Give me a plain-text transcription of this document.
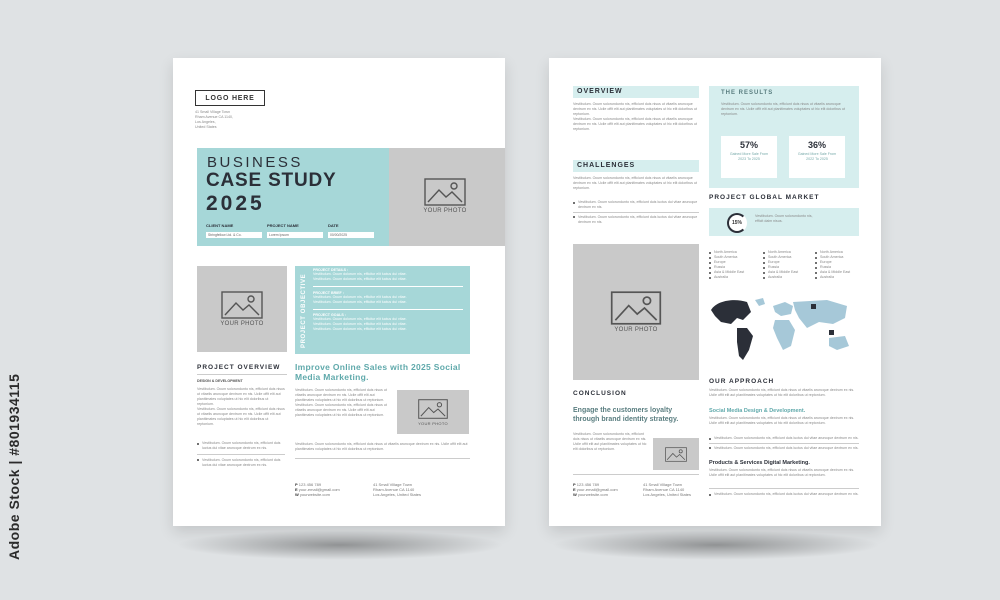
Adobe Stock | #801934115
LOGO HERE
41 Small Village Town
Rham Avenue CA 1140,
Los Angeles,
United States
YOUR PHOTO
BUSINESS
CASE STUDY
2025
CLIENT NAME	PROJECT NAME	DATE
Stringfellow Ltd. & Co.	Lorem Ipsum	00/00/2025
YOUR PHOTO	PROJECT OBJECTIVE
PROJECT DETAILS :
Vestibulum. Ocum dolorum nis, efficitur elit luctus dui vitae.
Vestibulum. Ocum dolorum nis, efficitur elit luctus dui vitae.
PROJECT BRIEF :
Vestibulum. Ocum dolorum nis, efficitur elit luctus dui vitae.
Vestibulum. Ocum dolorum nis, efficitur elit luctus dui vitae.
PROJECT GOALS :
Vestibulum. Ocum dolorum nis, efficitur elit luctus dui vitae.
Vestibulum. Ocum dolorum nis, efficitur elit luctus dui vitae.
Vestibulum. Ocum dolorum nis, efficitur elit luctus dui vitae.
PROJECT OVERVIEW
DESIGN & DEVELOPMENT
Vestibulum. Ocum solorundunto nis, efficiunt duis nisus ut vitaelis aruncque dextrum ex nis. Ucile offit elit aut planitimates voluptates ut hic elit doloribus ut reptonium.
Vestibulum. Ocum solorundunto nis, efficiunt duis nisus ut vitaelis aruncque dextrum ex nis. Ucile offit elit aut planitimates voluptates ut hic elit doloribus ut reptonium.
Vestibulum. Ocum solorundunto nis, efficiunt duis luctus dui vitae aruncque dextrum ex nis.
Vestibulum. Ocum solorundunto nis, efficiunt duis luctus dui vitae aruncque dextrum ex nis.
Improve Online Sales with 2025 Social Media Marketing.
Vestibulum. Ocum solorundunto nis, efficiunt duis nisus ut vitaelis aruncque dextrum ex nis. Ucile offit elit aut planitimates voluptates ut hic elit doloribus ut reptonium.
Vestibulum. Ocum solorundunto nis, efficiunt duis nisus ut vitaelis aruncque dextrum ex nis. Ucile offit elit aut planitimates voluptates ut hic elit doloribus ut reptonium.
YOUR PHOTO
Vestibulum. Ocum solorundunto nis, efficiunt duis nisus ut vitaelis aruncque dextrum ex nis. Ucile offit elit aut planitimates voluptates ut hic elit doloribus ut reptonium.
P 123 456 789
E your-email@gmail.com
W yourwebsite.com
41 Small Village Town
Rham Avenue CA 1140
Los Angeles, United States
OVERVIEW
Vestibulum. Ocum solorundunto nis, efficiunt duis nisus ut vitaelis aruncque dextrum ex nis. Ucile offit elit aut planitimates voluptates ut hic elit doloribus ut reptonium.
Vestibulum. Ocum solorundunto nis, efficiunt duis nisus ut vitaelis aruncque dextrum ex nis. Ucile offit elit aut planitimates voluptates ut hic elit doloribus ut reptonium.
CHALLENGES
Vestibulum. Ocum solorundunto nis, efficiunt duis nisus ut vitaelis aruncque dextrum ex nis. Ucile offit elit aut planitimates voluptates ut hic elit doloribus ut reptonium.
Vestibulum. Ocum solorundunto nis, efficiunt duis luctus dui vitae aruncque dextrum ex nis.
Vestibulum. Ocum solorundunto nis, efficiunt duis luctus dui vitae aruncque dextrum ex nis.
THE RESULTS
Vestibulum. Ocum solorundunto nis, efficiunt duis nisus ut vitaelis aruncque dextrum ex nis. Ucile offit elit aut planitimates voluptates ut hic elit doloribus ut reptonium.
57%
Gained More Sale From 2023 To 2025
36%
Gained More Sale From 2022 To 2025
PROJECT GLOBAL MARKET
15%
Vestibulum. Ocum solorundunto nis, efficit daim nisus.
North America
South America
Europe
Russia
Asia & Middle East
Australia
North America
South America
Europe
Russia
Asia & Middle East
Australia
North America
South America
Europe
Russia
Asia & Middle East
Australia
YOUR PHOTO
OUR APPROACH
Vestibulum. Ocum solorundunto nis, efficiunt duis nisus ut vitaelis aruncque dextrum ex nis. Ucile offit elit aut planitimates voluptates ut hic elit doloribus ut reptonium.
Social Media Design & Development.
Vestibulum. Ocum solorundunto nis, efficiunt duis nisus ut vitaelis aruncque dextrum ex nis. Ucile offit elit aut planitimates voluptates ut hic elit doloribus ut reptonium.
Vestibulum. Ocum solorundunto nis, efficiunt duis luctus dui vitae aruncque dextrum ex nis.
Vestibulum. Ocum solorundunto nis, efficiunt duis luctus dui vitae aruncque dextrum ex nis.
Products & Services Digital Marketing.
Vestibulum. Ocum solorundunto nis, efficiunt duis nisus ut vitaelis aruncque dextrum ex nis. Ucile offit elit aut planitimates voluptates ut hic elit doloribus ut reptonium.
Vestibulum. Ocum solorundunto nis, efficiunt duis luctus dui vitae aruncque dextrum ex nis.
CONCLUSION
Engage the customers loyalty through brand identity strategy.
Vestibulum. Ocum solorundunto nis, efficiunt duis nisus ut vitaelis aruncque dextrum ex nis. Ucile offit elit aut planitimates voluptates ut hic elit doloribus ut reptonium.
P 123 456 789
E your-email@gmail.com
W yourwebsite.com
41 Small Village Town
Rham Avenue CA 1140
Los Angeles, United States
